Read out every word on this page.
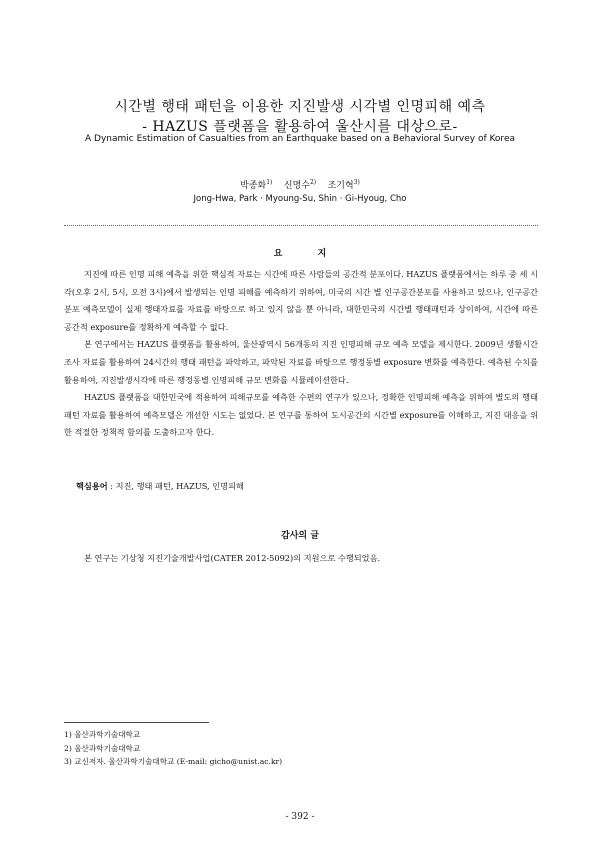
시간별 행태 패턴을 이용한 지진발생 시각별 인명피해 예측
- HAZUS 플랫폼을 활용하여 울산시를 대상으로-
A Dynamic Estimation of Casualties from an Earthquake based on a Behavioral Survey of Korea
박종화$^{1)}$ 신명수$^{2)}$ 조기혁$^{3)}$
Jong-Hwa, Park · Myoung-Su, Shin · Gi-Hyoug, Cho
요 지

지진에 따른 인명 피해 예측을 위한 핵심적 자료는 시간에 따른 사람들의 공간적 분포이다. HAZUS 플랫폼에서는 하루 중 세 시각(오후 2시, 5시, 오전 3시)에서 발생되는 인명 피해를 예측하기 위하여, 미국의 시간 별 인구공간분포를 사용하고 있으나, 인구공간분포 예측모델이 실제 행태자료를 자료를 바탕으로 하고 있지 않을 뿐 아니라, 대한민국의 시간별 행태패턴과 상이하여, 시간에 따른 공간적 exposure를 정확하게 예측할 수 없다.

본 연구에서는 HAZUS 플랫폼을 활용하여, 울산광역시 56개동의 지진 인명피해 규모 예측 모델을 제시한다. 2009년 생활시간조사 자료를 활용하여 24시간의 행태 패턴을 파악하고, 파악된 자료를 바탕으로 행정동별 exposure 변화를 예측한다. 예측된 수치를 활용하여, 지진발생시각에 따른 행정동별 인명피해 규모 변화를 시뮬레이션한다.

HAZUS 플랫폼을 대한민국에 적용하여 피해규모를 예측한 수편의 연구가 있으나, 정확한 인명피해 예측을 위하여 별도의 행태 패턴 자료를 활용하여 예측모델은 개선한 시도는 없었다. 본 연구를 통하여 도시공간의 시간별 exposure를 이해하고, 지진 대응을 위한 적절한 정책적 함의를 도출하고자 한다.

핵심용어 : 지진, 행태 패턴, HAZUS, 인명피해
감사의 글

본 연구는 기상청 지진기술개발사업(CATER 2012-5092)의 지원으로 수행되었음.

1) 울산과학기술대학교
2) 울산과학기술대학교
3) 교신저자. 울산과학기술대학교 (E-mail: gicho@unist.ac.kr)
- 392 -
